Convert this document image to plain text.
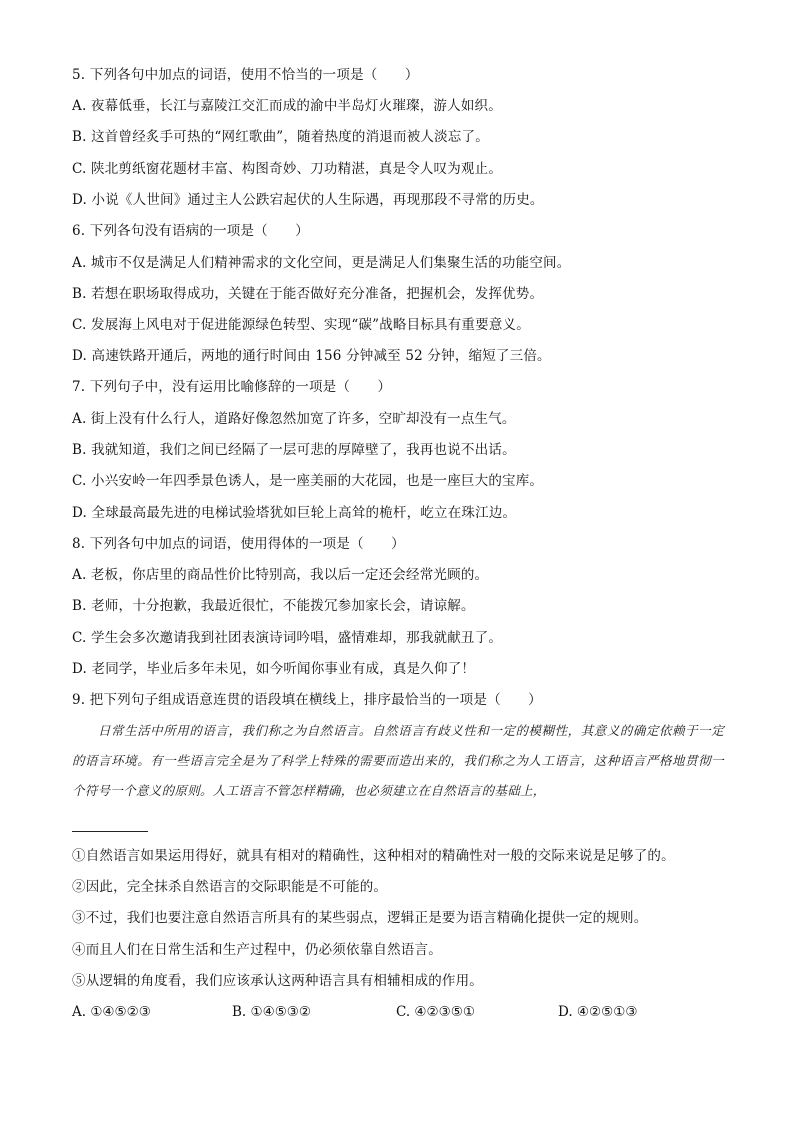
5. 下列各句中加点的词语，使用不恰当的一项是（　　）
A. 夜幕低垂，长江与嘉陵江交汇而成的渝中半岛灯火璀璨，游人如织。
B. 这首曾经炙手可热的“网红歌曲”，随着热度的消退而被人淡忘了。
C. 陕北剪纸窗花题材丰富、构图奇妙、刀功精湛，真是令人叹为观止。
D. 小说《人世间》通过主人公跌宕起伏的人生际遇，再现那段不寻常的历史。
6. 下列各句没有语病的一项是（　　）
A. 城市不仅是满足人们精神需求的文化空间，更是满足人们集聚生活的功能空间。
B. 若想在职场取得成功，关键在于能否做好充分准备，把握机会，发挥优势。
C. 发展海上风电对于促进能源绿色转型、实现“碳”战略目标具有重要意义。
D. 高速铁路开通后，两地的通行时间由 156 分钟减至 52 分钟，缩短了三倍。
7. 下列句子中，没有运用比喻修辞的一项是（　　）
A. 街上没有什么行人，道路好像忽然加宽了许多，空旷却没有一点生气。
B. 我就知道，我们之间已经隔了一层可悲的厚障壁了，我再也说不出话。
C. 小兴安岭一年四季景色诱人，是一座美丽的大花园，也是一座巨大的宝库。
D. 全球最高最先进的电梯试验塔犹如巨轮上高耸的桅杆，屹立在珠江边。
8. 下列各句中加点的词语，使用得体的一项是（　　）
A. 老板，你店里的商品性价比特别高，我以后一定还会经常光顾的。
B. 老师，十分抱歉，我最近很忙，不能拨冗参加家长会，请谅解。
C. 学生会多次邀请我到社团表演诗词吟唱，盛情难却，那我就献丑了。
D. 老同学，毕业后多年未见，如今听闻你事业有成，真是久仰了！
9. 把下列句子组成语意连贯的语段填在横线上，排序最恰当的一项是（　　）
日常生活中所用的语言，我们称之为自然语言。自然语言有歧义性和一定的模糊性，其意义的确定依赖于一定的语言环境。有一些语言完全是为了科学上特殊的需要而造出来的，我们称之为人工语言，这种语言严格地贯彻一个符号一个意义的原则。人工语言不管怎样精确，也必须建立在自然语言的基础上，
①自然语言如果运用得好，就具有相对的精确性，这种相对的精确性对一般的交际来说是足够了的。
②因此，完全抹杀自然语言的交际职能是不可能的。
③不过，我们也要注意自然语言所具有的某些弱点，逻辑正是要为语言精确化提供一定的规则。
④而且人们在日常生活和生产过程中，仍必须依靠自然语言。
⑤从逻辑的角度看，我们应该承认这两种语言具有相辅相成的作用。
A. ①④⑤②③	B. ①④⑤③②	C. ④②③⑤①	D. ④②⑤①③
